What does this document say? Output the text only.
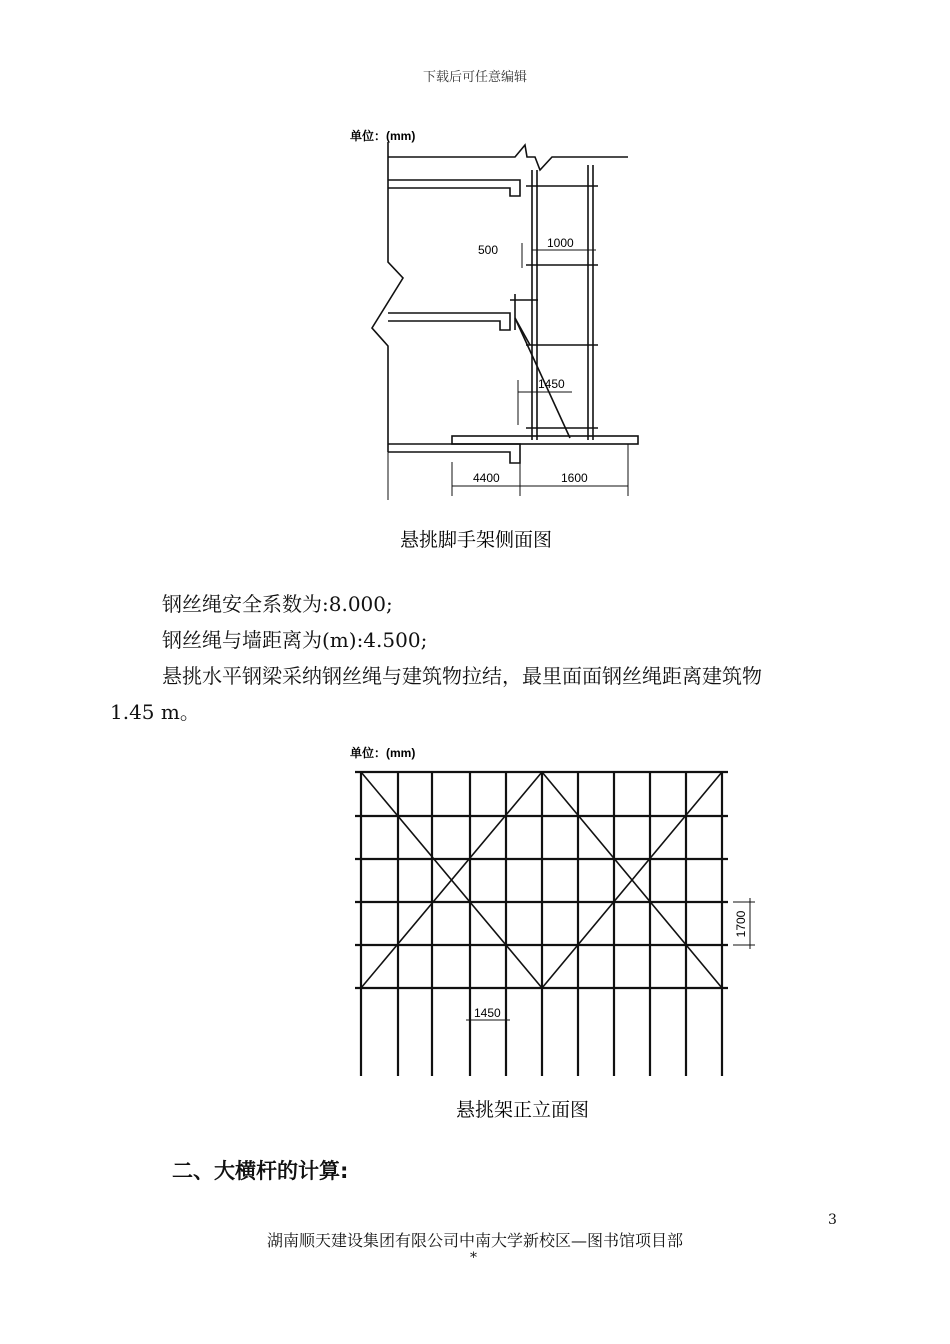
下载后可任意编辑
单位：(mm)
500	1000
1450
4400	1600
悬挑脚手架侧面图

钢丝绳安全系数为:8.000;

钢丝绳与墙距离为(m):4.500;

悬挑水平钢梁采纳钢丝绳与建筑物拉结，最里面面钢丝绳距离建筑物

1.45 m。

单位：(mm)
1700
1450
悬挑架正立面图
二、大横杆的计算:
3
湖南顺天建设集团有限公司中南大学新校区—图书馆项目部
*
